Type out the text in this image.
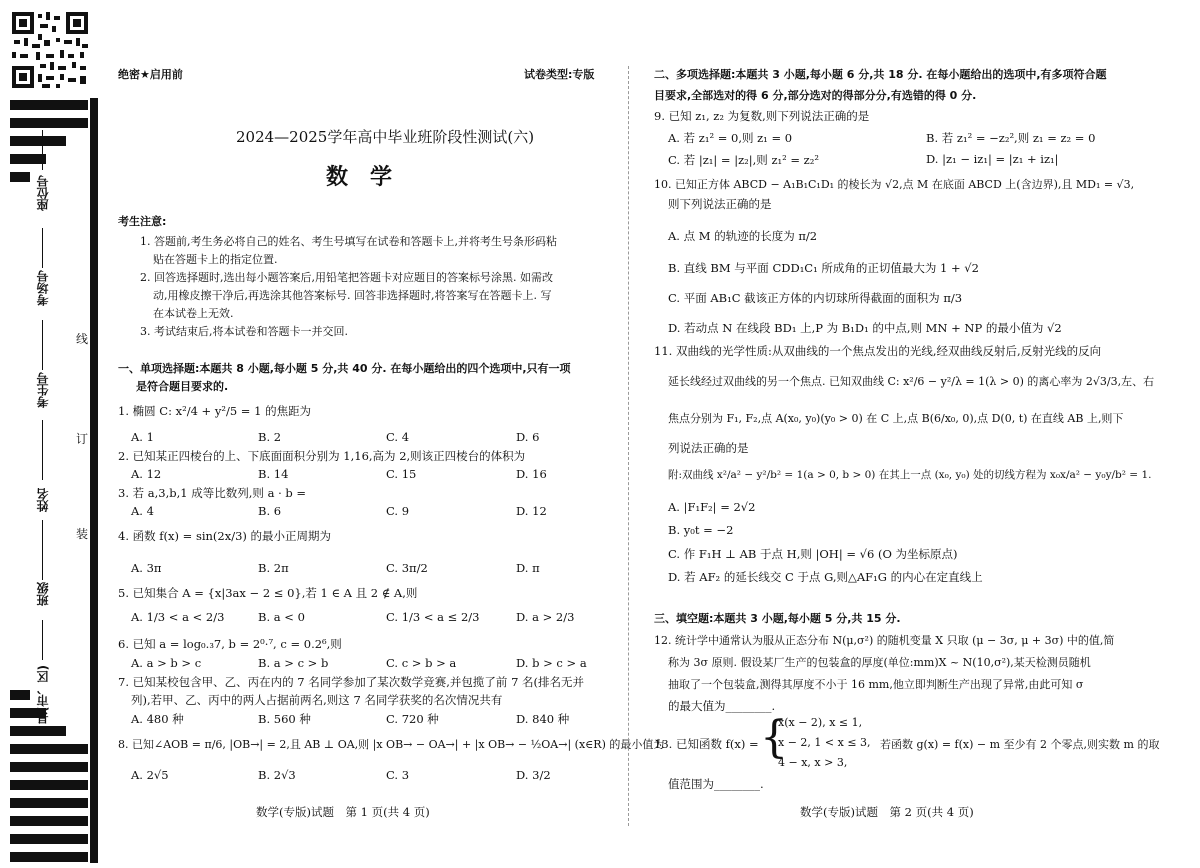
座位号
考场号
考生号
姓名
班级
县(市、区)
线
订
装
绝密★启用前	试卷类型:专版
2024—2025学年高中毕业班阶段性测试(六)
数　学
考生注意:
1. 答题前,考生务必将自己的姓名、考生号填写在试卷和答题卡上,并将考生号条形码粘
贴在答题卡上的指定位置.
2. 回答选择题时,选出每小题答案后,用铅笔把答题卡对应题目的答案标号涂黑. 如需改
动,用橡皮擦干净后,再选涂其他答案标号. 回答非选择题时,将答案写在答题卡上. 写
在本试卷上无效.
3. 考试结束后,将本试卷和答题卡一并交回.
一、单项选择题:本题共 8 小题,每小题 5 分,共 40 分. 在每小题给出的四个选项中,只有一项
是符合题目要求的.
1. 椭圆 C: x²/4 + y²/5 = 1 的焦距为
A. 1	B. 2	C. 4	D. 6
2. 已知某正四棱台的上、下底面面积分别为 1,16,高为 2,则该正四棱台的体积为
A. 12	B. 14	C. 15	D. 16
3. 若 a,3,b,1 成等比数列,则 a · b =
A. 4	B. 6	C. 9	D. 12
4. 函数 f(x) = sin(2x/3) 的最小正周期为
A. 3π	B. 2π	C. 3π/2	D. π
5. 已知集合 A = {x|3ax − 2 ≤ 0},若 1 ∈ A 且 2 ∉ A,则
A. 1/3 < a < 2/3	B. a < 0	C. 1/3 < a ≤ 2/3	D. a > 2/3
6. 已知 a = log₀.₃7, b = 2⁰·⁷, c = 0.2⁶,则
A. a > b > c	B. a > c > b	C. c > b > a	D. b > c > a
7. 已知某校包含甲、乙、丙在内的 7 名同学参加了某次数学竞赛,并包揽了前 7 名(排名无并
列),若甲、乙、丙中的两人占据前两名,则这 7 名同学获奖的名次情况共有
A. 480 种	B. 560 种	C. 720 种	D. 840 种
8. 已知∠AOB = π/6, |OB→| = 2,且 AB ⊥ OA,则 |x OB→ − OA→| + |x OB→ − ½OA→| (x∈R) 的最小值为
A. 2√5	B. 2√3	C. 3	D. 3/2
数学(专版)试题　第 1 页(共 4 页)
二、多项选择题:本题共 3 小题,每小题 6 分,共 18 分. 在每小题给出的选项中,有多项符合题
目要求,全部选对的得 6 分,部分选对的得部分分,有选错的得 0 分.
9. 已知 z₁, z₂ 为复数,则下列说法正确的是
A. 若 z₁² = 0,则 z₁ = 0	B. 若 z₁² = −z₂²,则 z₁ = z₂ = 0
C. 若 |z₁| = |z₂|,则 z₁² = z₂²	D. |z₁ − iz₁| = |z₁ + iz₁|
10. 已知正方体 ABCD − A₁B₁C₁D₁ 的棱长为 √2,点 M 在底面 ABCD 上(含边界),且 MD₁ = √3,
则下列说法正确的是
A. 点 M 的轨迹的长度为 π/2
B. 直线 BM 与平面 CDD₁C₁ 所成角的正切值最大为 1 + √2
C. 平面 AB₁C 截该正方体的内切球所得截面的面积为 π/3
D. 若动点 N 在线段 BD₁ 上,P 为 B₁D₁ 的中点,则 MN + NP 的最小值为 √2
11. 双曲线的光学性质:从双曲线的一个焦点发出的光线,经双曲线反射后,反射光线的反向
延长线经过双曲线的另一个焦点. 已知双曲线 C: x²/6 − y²/λ = 1(λ > 0) 的离心率为 2√3/3,左、右
焦点分别为 F₁, F₂,点 A(x₀, y₀)(y₀ > 0) 在 C 上,点 B(6/x₀, 0),点 D(0, t) 在直线 AB 上,则下
列说法正确的是
附:双曲线 x²/a² − y²/b² = 1(a > 0, b > 0) 在其上一点 (x₀, y₀) 处的切线方程为 x₀x/a² − y₀y/b² = 1.
A. |F₁F₂| = 2√2
B. y₀t = −2
C. 作 F₁H ⊥ AB 于点 H,则 |OH| = √6 (O 为坐标原点)
D. 若 AF₂ 的延长线交 C 于点 G,则△AF₁G 的内心在定直线上
三、填空题:本题共 3 小题,每小题 5 分,共 15 分.
12. 统计学中通常认为服从正态分布 N(μ,σ²) 的随机变量 X 只取 (μ − 3σ, μ + 3σ) 中的值,简
称为 3σ 原则. 假设某厂生产的包装盒的厚度(单位:mm)X ~ N(10,σ²),某天检测员随机
抽取了一个包装盒,测得其厚度不小于 16 mm,他立即判断生产出现了异常,由此可知 σ
的最大值为________.
13. 已知函数 f(x) = {
x(x − 2), x ≤ 1,
x − 2, 1 < x ≤ 3,
4 − x, x > 3,
若函数 g(x) = f(x) − m 至少有 2 个零点,则实数 m 的取
值范围为________.
数学(专版)试题　第 2 页(共 4 页)
